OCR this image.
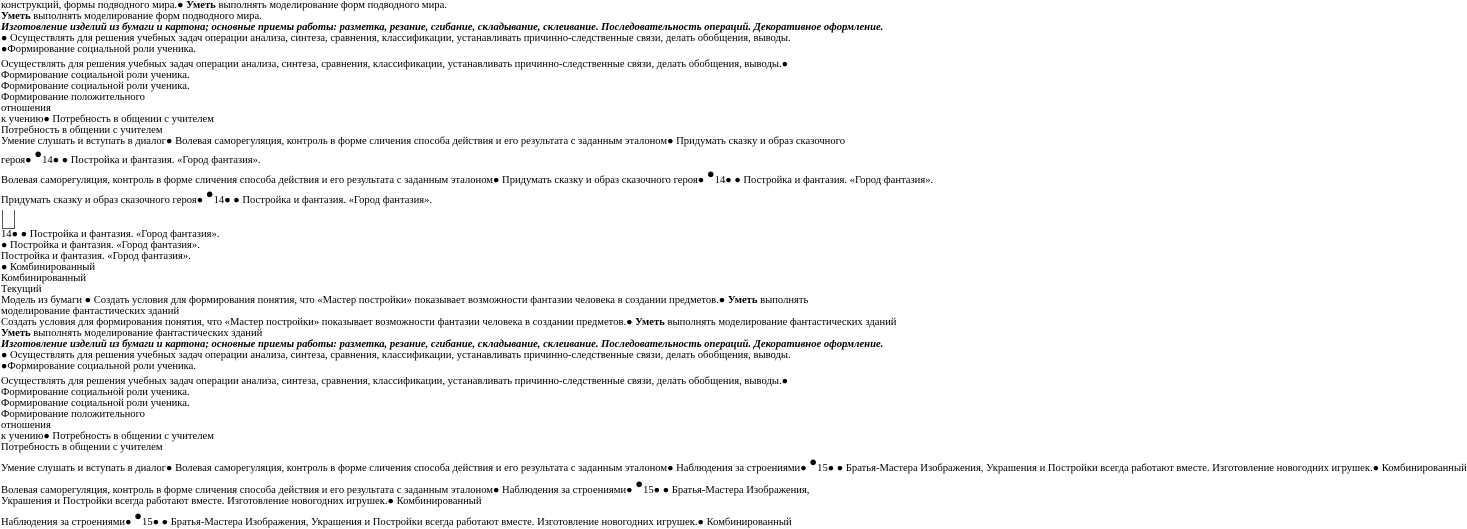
конструкций, формы подводного мира.● Уметь выполнять моделирование форм подводного мира.
Уметь выполнять моделирование форм подводного мира.
Изготовление изделий из бумаги и картона; основные приемы работы: разметка, резание, сгибание, складывание, склеивание. Последовательность операций. Декоративное оформление.
● Осуществлять для решения учебных задач операции анализа, синтеза, сравнения, классификации, устанавливать причинно-следственные связи, делать обобщения, выводы. ●Формирование социальной роли ученика.
Осуществлять для решения учебных задач операции анализа, синтеза, сравнения, классификации, устанавливать причинно-следственные связи, делать обобщения, выводы.● Формирование социальной роли ученика.
Формирование социальной роли ученика.
Формирование положительного
отношения
к учению● Потребность в общении с учителем
Потребность в общении с учителем
Умение слушать и вступать в диалог● Волевая саморегуляция, контроль в форме сличения способа действия и его результата с заданным эталоном● Придумать сказку и образ сказочного
героя● ●14● ● Постройка и фантазия. «Город фантазия».
Волевая саморегуляция, контроль в форме сличения способа действия и его результата с заданным эталоном● Придумать сказку и образ сказочного героя● ●14● ● Постройка и фантазия. «Город фантазия».
Придумать сказку и образ сказочного героя● ●14● ● Постройка и фантазия. «Город фантазия».
14● ● Постройка и фантазия. «Город фантазия».
● Постройка и фантазия. «Город фантазия».
Постройка и фантазия. «Город фантазия».
● Комбинированный
Комбинированный
Текущий
Модель из бумаги ● Создать условия для формирования понятия, что «Мастер постройки» показывает возможности фантазии человека в создании предметов.● Уметь выполнять моделирование фантастических зданий
Создать условия для формирования понятия, что «Мастер постройки» показывает возможности фантазии человека в создании предметов.● Уметь выполнять моделирование фантастических зданий
Уметь выполнять моделирование фантастических зданий
Изготовление изделий из бумаги и картона; основные приемы работы: разметка, резание, сгибание, складывание, склеивание. Последовательность операций. Декоративное оформление.
● Осуществлять для решения учебных задач операции анализа, синтеза, сравнения, классификации, устанавливать причинно-следственные связи, делать обобщения, выводы. ●Формирование социальной роли ученика.
Осуществлять для решения учебных задач операции анализа, синтеза, сравнения, классификации, устанавливать причинно-следственные связи, делать обобщения, выводы.● Формирование социальной роли ученика.
Формирование социальной роли ученика.
Формирование положительного
отношения
к учению● Потребность в общении с учителем
Потребность в общении с учителем
Умение слушать и вступать в диалог● Волевая саморегуляция, контроль в форме сличения способа действия и его результата с заданным эталоном● Наблюдения за строениями● ●15● ● Братья-Мастера Изображения, Украшения и Постройки всегда работают вместе. Изготовление новогодних игрушек.● Комбинированный
Волевая саморегуляция, контроль в форме сличения способа действия и его результата с заданным эталоном● Наблюдения за строениями● ●15● ● Братья-Мастера Изображения, Украшения и Постройки всегда работают вместе. Изготовление новогодних игрушек.● Комбинированный
Наблюдения за строениями● ●15● ● Братья-Мастера Изображения, Украшения и Постройки всегда работают вместе. Изготовление новогодних игрушек.● Комбинированный
